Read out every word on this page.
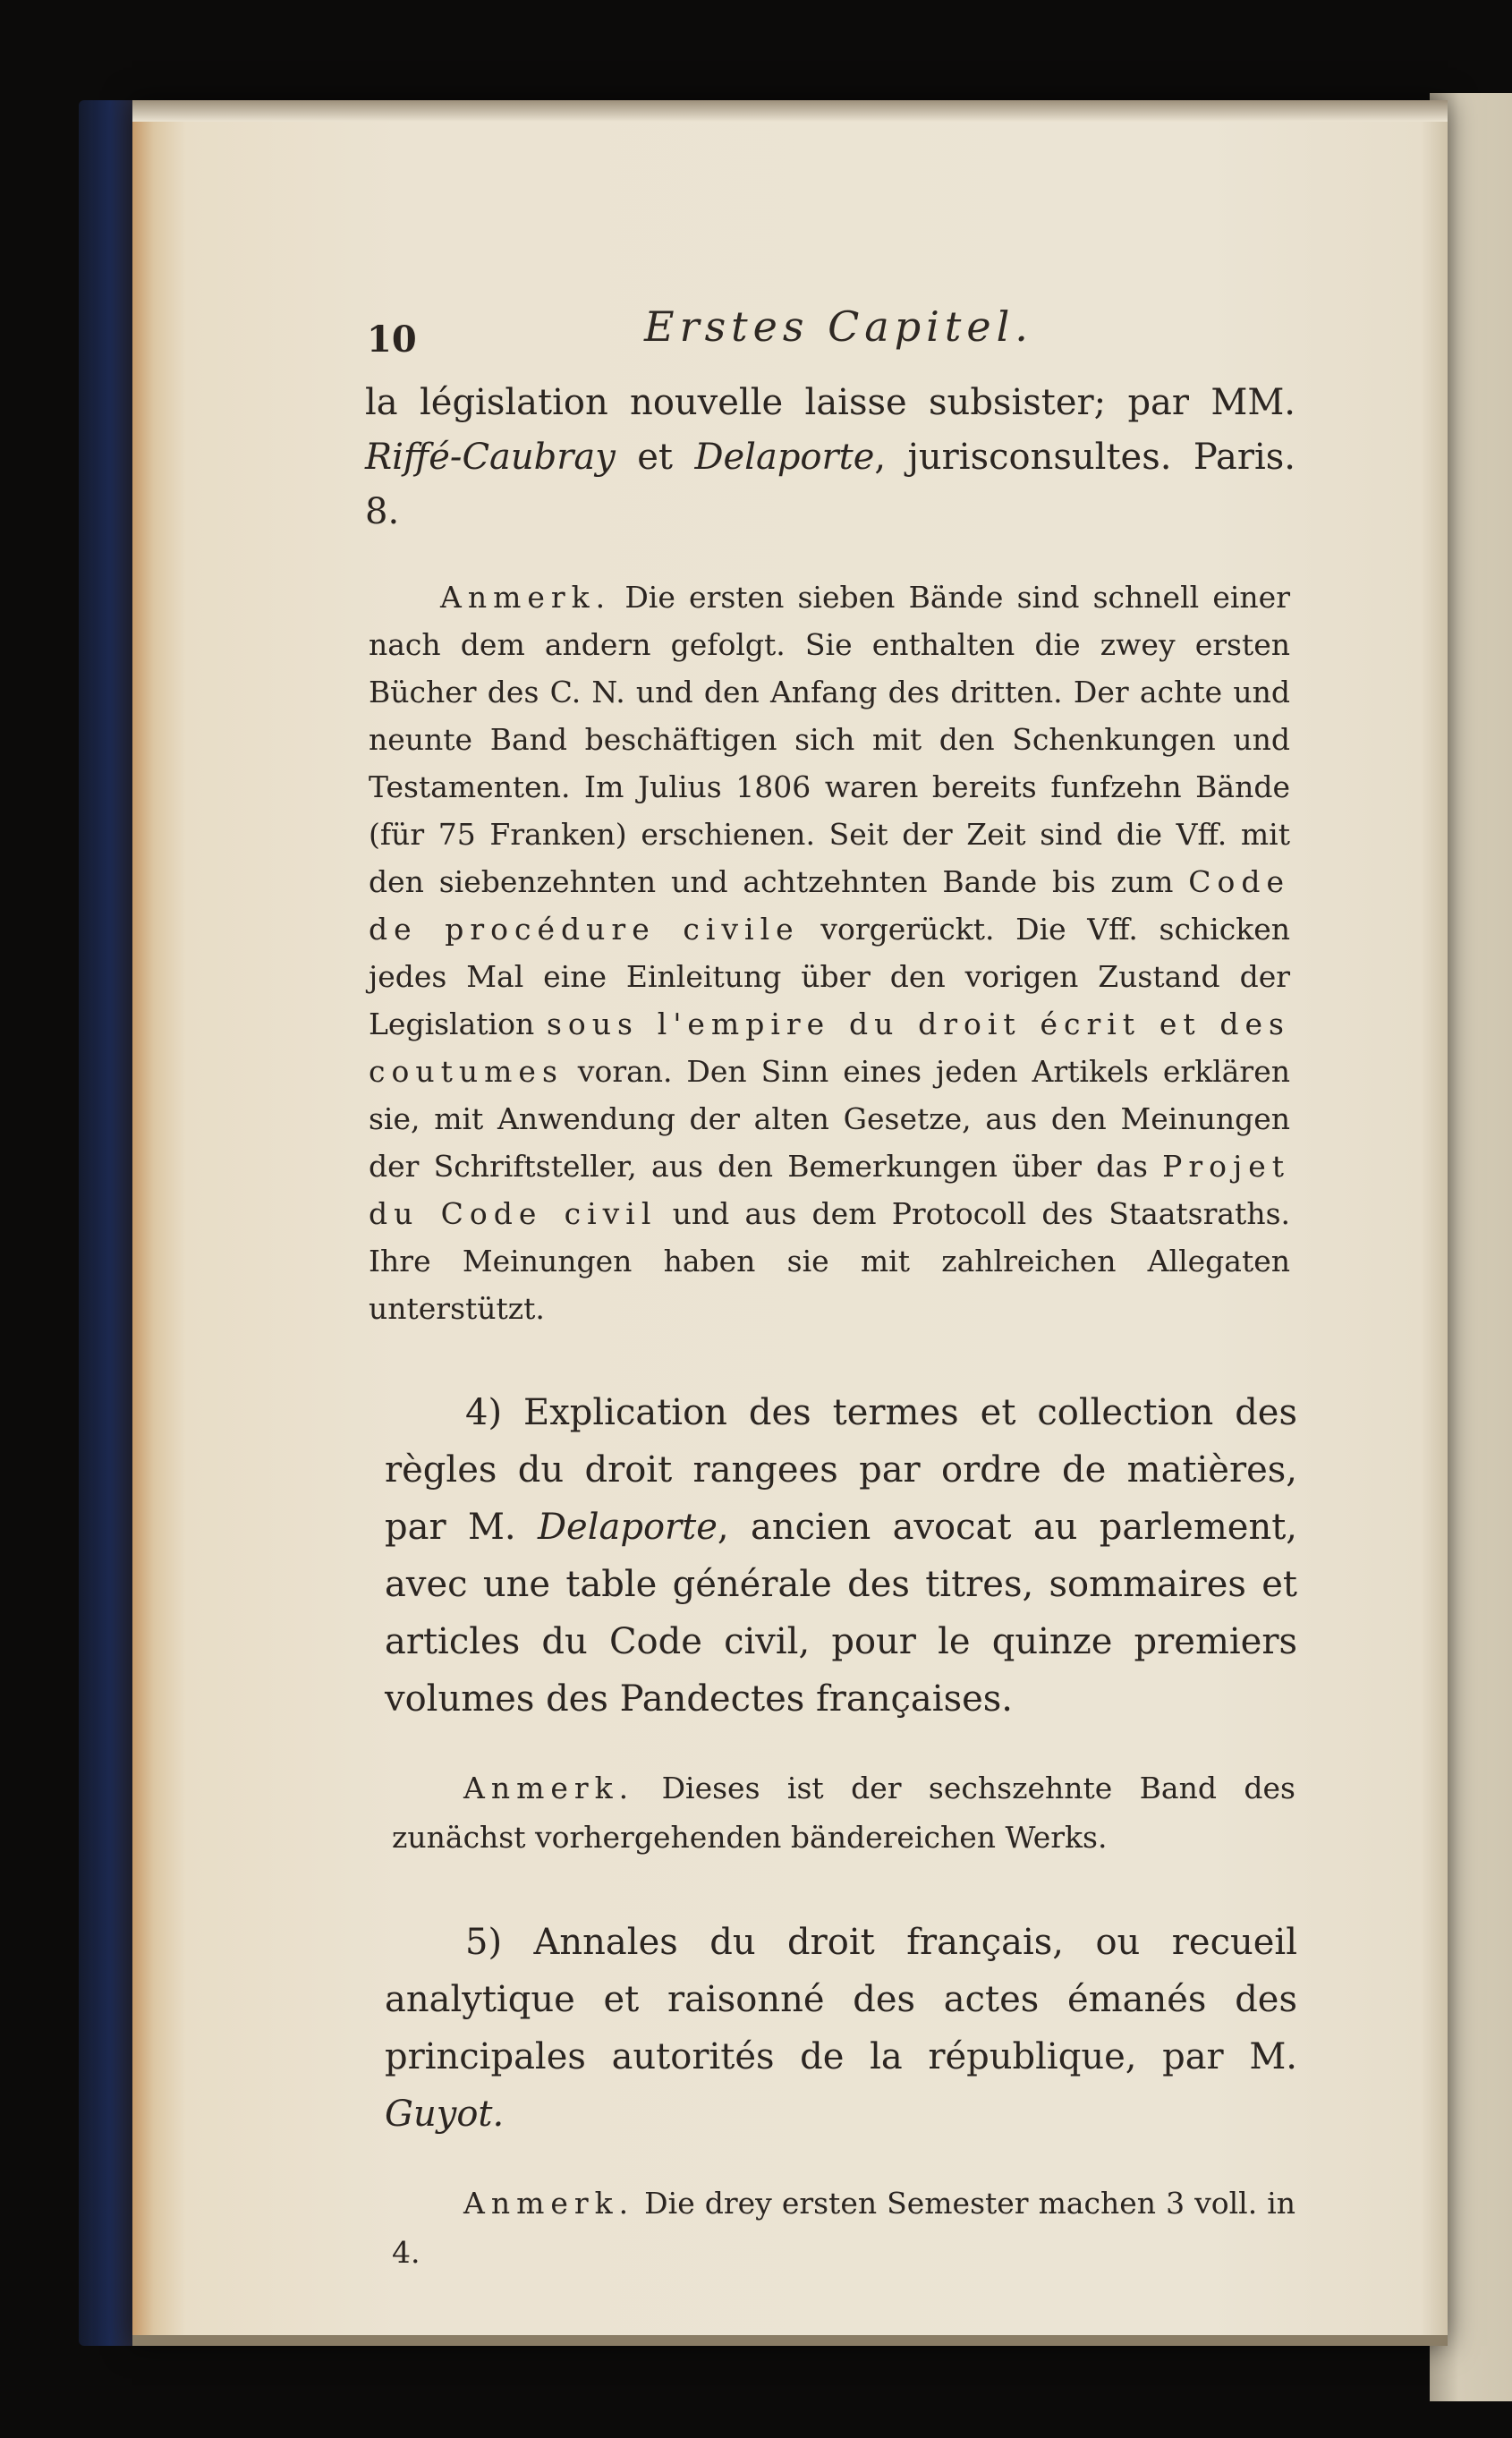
10	Erstes Capitel.

la législation nouvelle laisse subsister; par MM. Riffé-Caubray et Delaporte, jurisconsultes. Paris. 8.

Anmerk. Die ersten sieben Bände sind schnell einer nach dem andern gefolgt. Sie enthalten die zwey ersten Bücher des C. N. und den Anfang des dritten. Der achte und neunte Band beschäftigen sich mit den Schenkungen und Testamenten. Im Julius 1806 waren bereits funfzehn Bände (für 75 Franken) erschienen. Seit der Zeit sind die Vff. mit den siebenzehnten und achtzehnten Bande bis zum Code de procédure civile vorgerückt. Die Vff. schicken jedes Mal eine Einleitung über den vorigen Zustand der Legislation sous l'empire du droit écrit et des coutumes voran. Den Sinn eines jeden Artikels erklären sie, mit Anwendung der alten Gesetze, aus den Meinungen der Schriftsteller, aus den Bemerkungen über das Projet du Code civil und aus dem Protocoll des Staatsraths. Ihre Meinungen haben sie mit zahlreichen Allegaten unterstützt.

4) Explication des termes et collection des règles du droit rangees par ordre de matières, par M. Delaporte, ancien avocat au parlement, avec une table générale des titres, sommaires et articles du Code civil, pour le quinze premiers volumes des Pandectes françaises.

Anmerk. Dieses ist der sechszehnte Band des zunächst vorhergehenden bändereichen Werks.

5) Annales du droit français, ou recueil analytique et raisonné des actes émanés des principales autorités de la république, par M. Guyot.

Anmerk. Die drey ersten Semester machen 3 voll. in 4.
